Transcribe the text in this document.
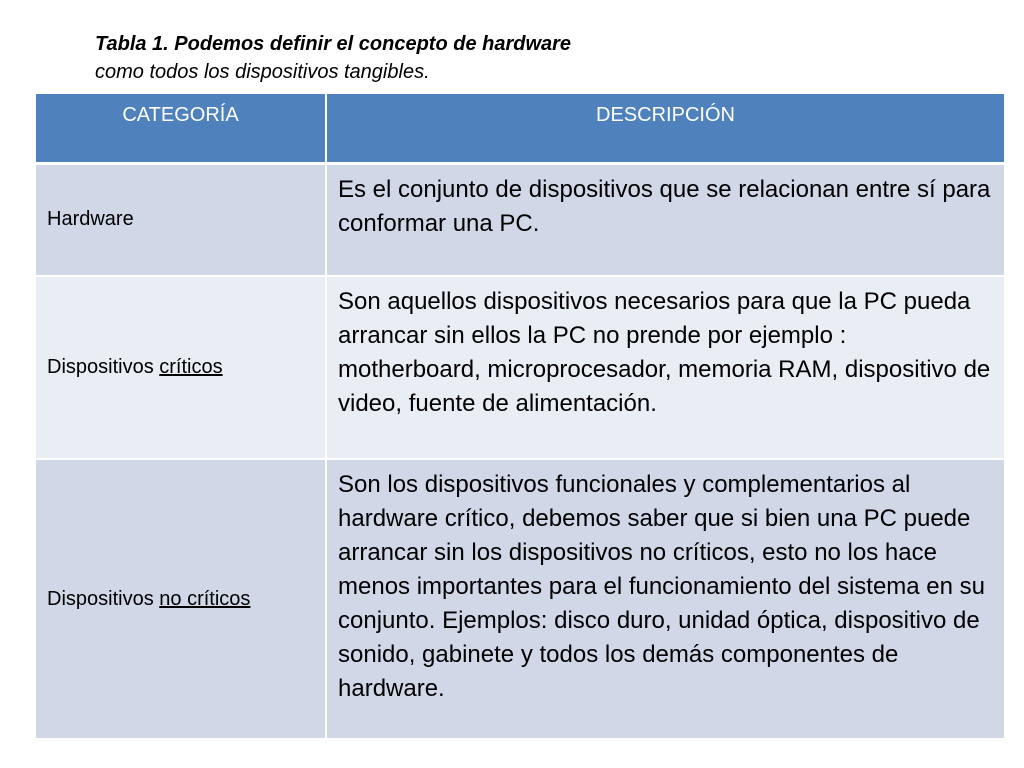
Tabla 1. Podemos definir el concepto de hardware
como todos los dispositivos tangibles.
CATEGORÍA	DESCRIPCIÓN
Hardware	Es el conjunto de dispositivos que se relacionan entre sí para conformar una PC.
Dispositivos críticos	Son aquellos dispositivos necesarios para que la PC pueda arrancar sin ellos la PC no prende por ejemplo : motherboard, microprocesador, memoria RAM, dispositivo de video, fuente de alimentación.
Dispositivos no críticos	Son los dispositivos funcionales y complementarios al hardware crítico, debemos saber que si bien una PC puede arrancar sin los dispositivos no críticos, esto no los hace menos importantes para el funcionamiento del sistema en su conjunto. Ejemplos: disco duro, unidad óptica, dispositivo de sonido, gabinete y todos los demás componentes de hardware.
